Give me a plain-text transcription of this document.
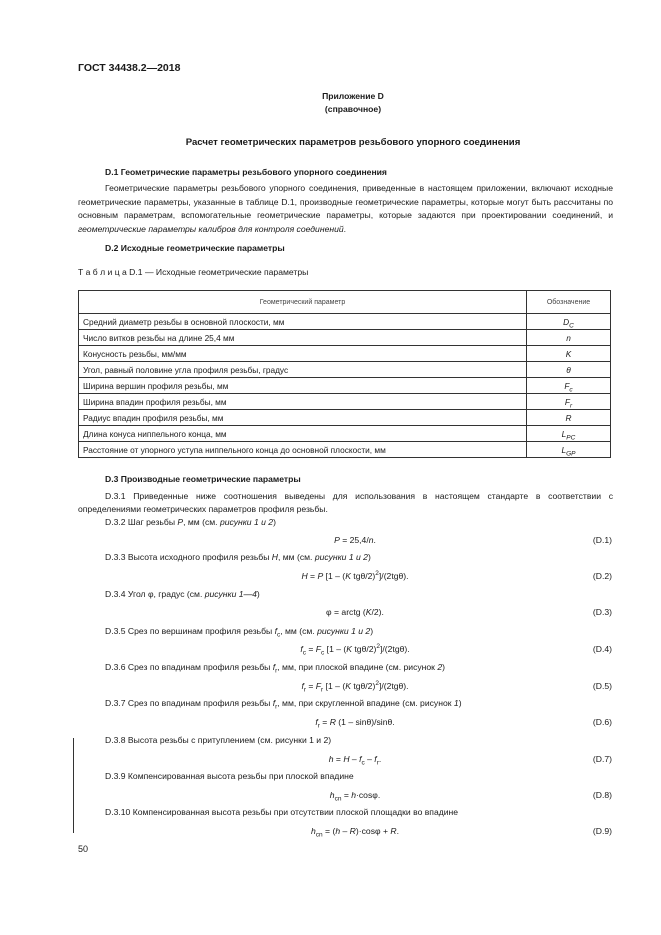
ГОСТ 34438.2—2018
Приложение D
(справочное)
Расчет геометрических параметров резьбового упорного соединения
D.1 Геометрические параметры резьбового упорного соединения
Геометрические параметры резьбового упорного соединения, приведенные в настоящем приложении, включают исходные геометрические параметры, указанные в таблице D.1, производные геометрические параметры, которые могут быть рассчитаны по основным параметрам, вспомогательные геометрические параметры, которые задаются при проектировании соединений, и геометрические параметры калибров для контроля соединений.
D.2 Исходные геометрические параметры
Т а б л и ц а D.1 — Исходные геометрические параметры
Геометрический параметр	Обозначение
Средний диаметр резьбы в основной плоскости, мм	$D_C$
Число витков резьбы на длине 25,4 мм	n
Конусность резьбы, мм/мм	K
Угол, равный половине угла профиля резьбы, градус	θ
Ширина вершин профиля резьбы, мм	$F_c$
Ширина впадин профиля резьбы, мм	$F_r$
Радиус впадин профиля резьбы, мм	R
Длина конуса ниппельного конца, мм	$L_{PC}$
Расстояние от упорного уступа ниппельного конца до основной плоскости, мм	$L_{GP}$
D.3 Производные геометрические параметры
D.3.1 Приведенные ниже соотношения выведены для использования в настоящем стандарте в соответствии с определениями геометрических параметров профиля резьбы.
D.3.2 Шаг резьбы P, мм (см. рисунки 1 и 2)
P = 25,4/n.	(D.1)
D.3.3 Высота исходного профиля резьбы H, мм (см. рисунки 1 и 2)
H = P [1 – (K tgθ/2)$^2$]/(2tgθ).	(D.2)
D.3.4 Угол φ, градус (см. рисунки 1—4)
φ = arctg (K/2).	(D.3)
D.3.5 Срез по вершинам профиля резьбы $f_c$, мм (см. рисунки 1 и 2)
$f_c = F_c$ [1 – (K tgθ/2)$^2$]/(2tgθ).	(D.4)
D.3.6 Срез по впадинам профиля резьбы $f_r$, мм, при плоской впадине (см. рисунок 2)
$f_r = F_r$ [1 – (K tgθ/2)$^2$]/(2tgθ).	(D.5)
D.3.7 Срез по впадинам профиля резьбы $f_r$, мм, при скругленной впадине (см. рисунок 1)
$f_r = R$ (1 – sinθ)/sinθ.	(D.6)
D.3.8 Высота резьбы с притуплением (см. рисунки 1 и 2)
$h = H - f_c - f_r$.	(D.7)
D.3.9 Компенсированная высота резьбы при плоской впадине
$h_{cn} = h\cdot\cos\varphi$.	(D.8)
D.3.10 Компенсированная высота резьбы при отсутствии плоской площадки во впадине
$h_{cn} = (h - R)\cdot\cos\varphi + R$.	(D.9)
50
